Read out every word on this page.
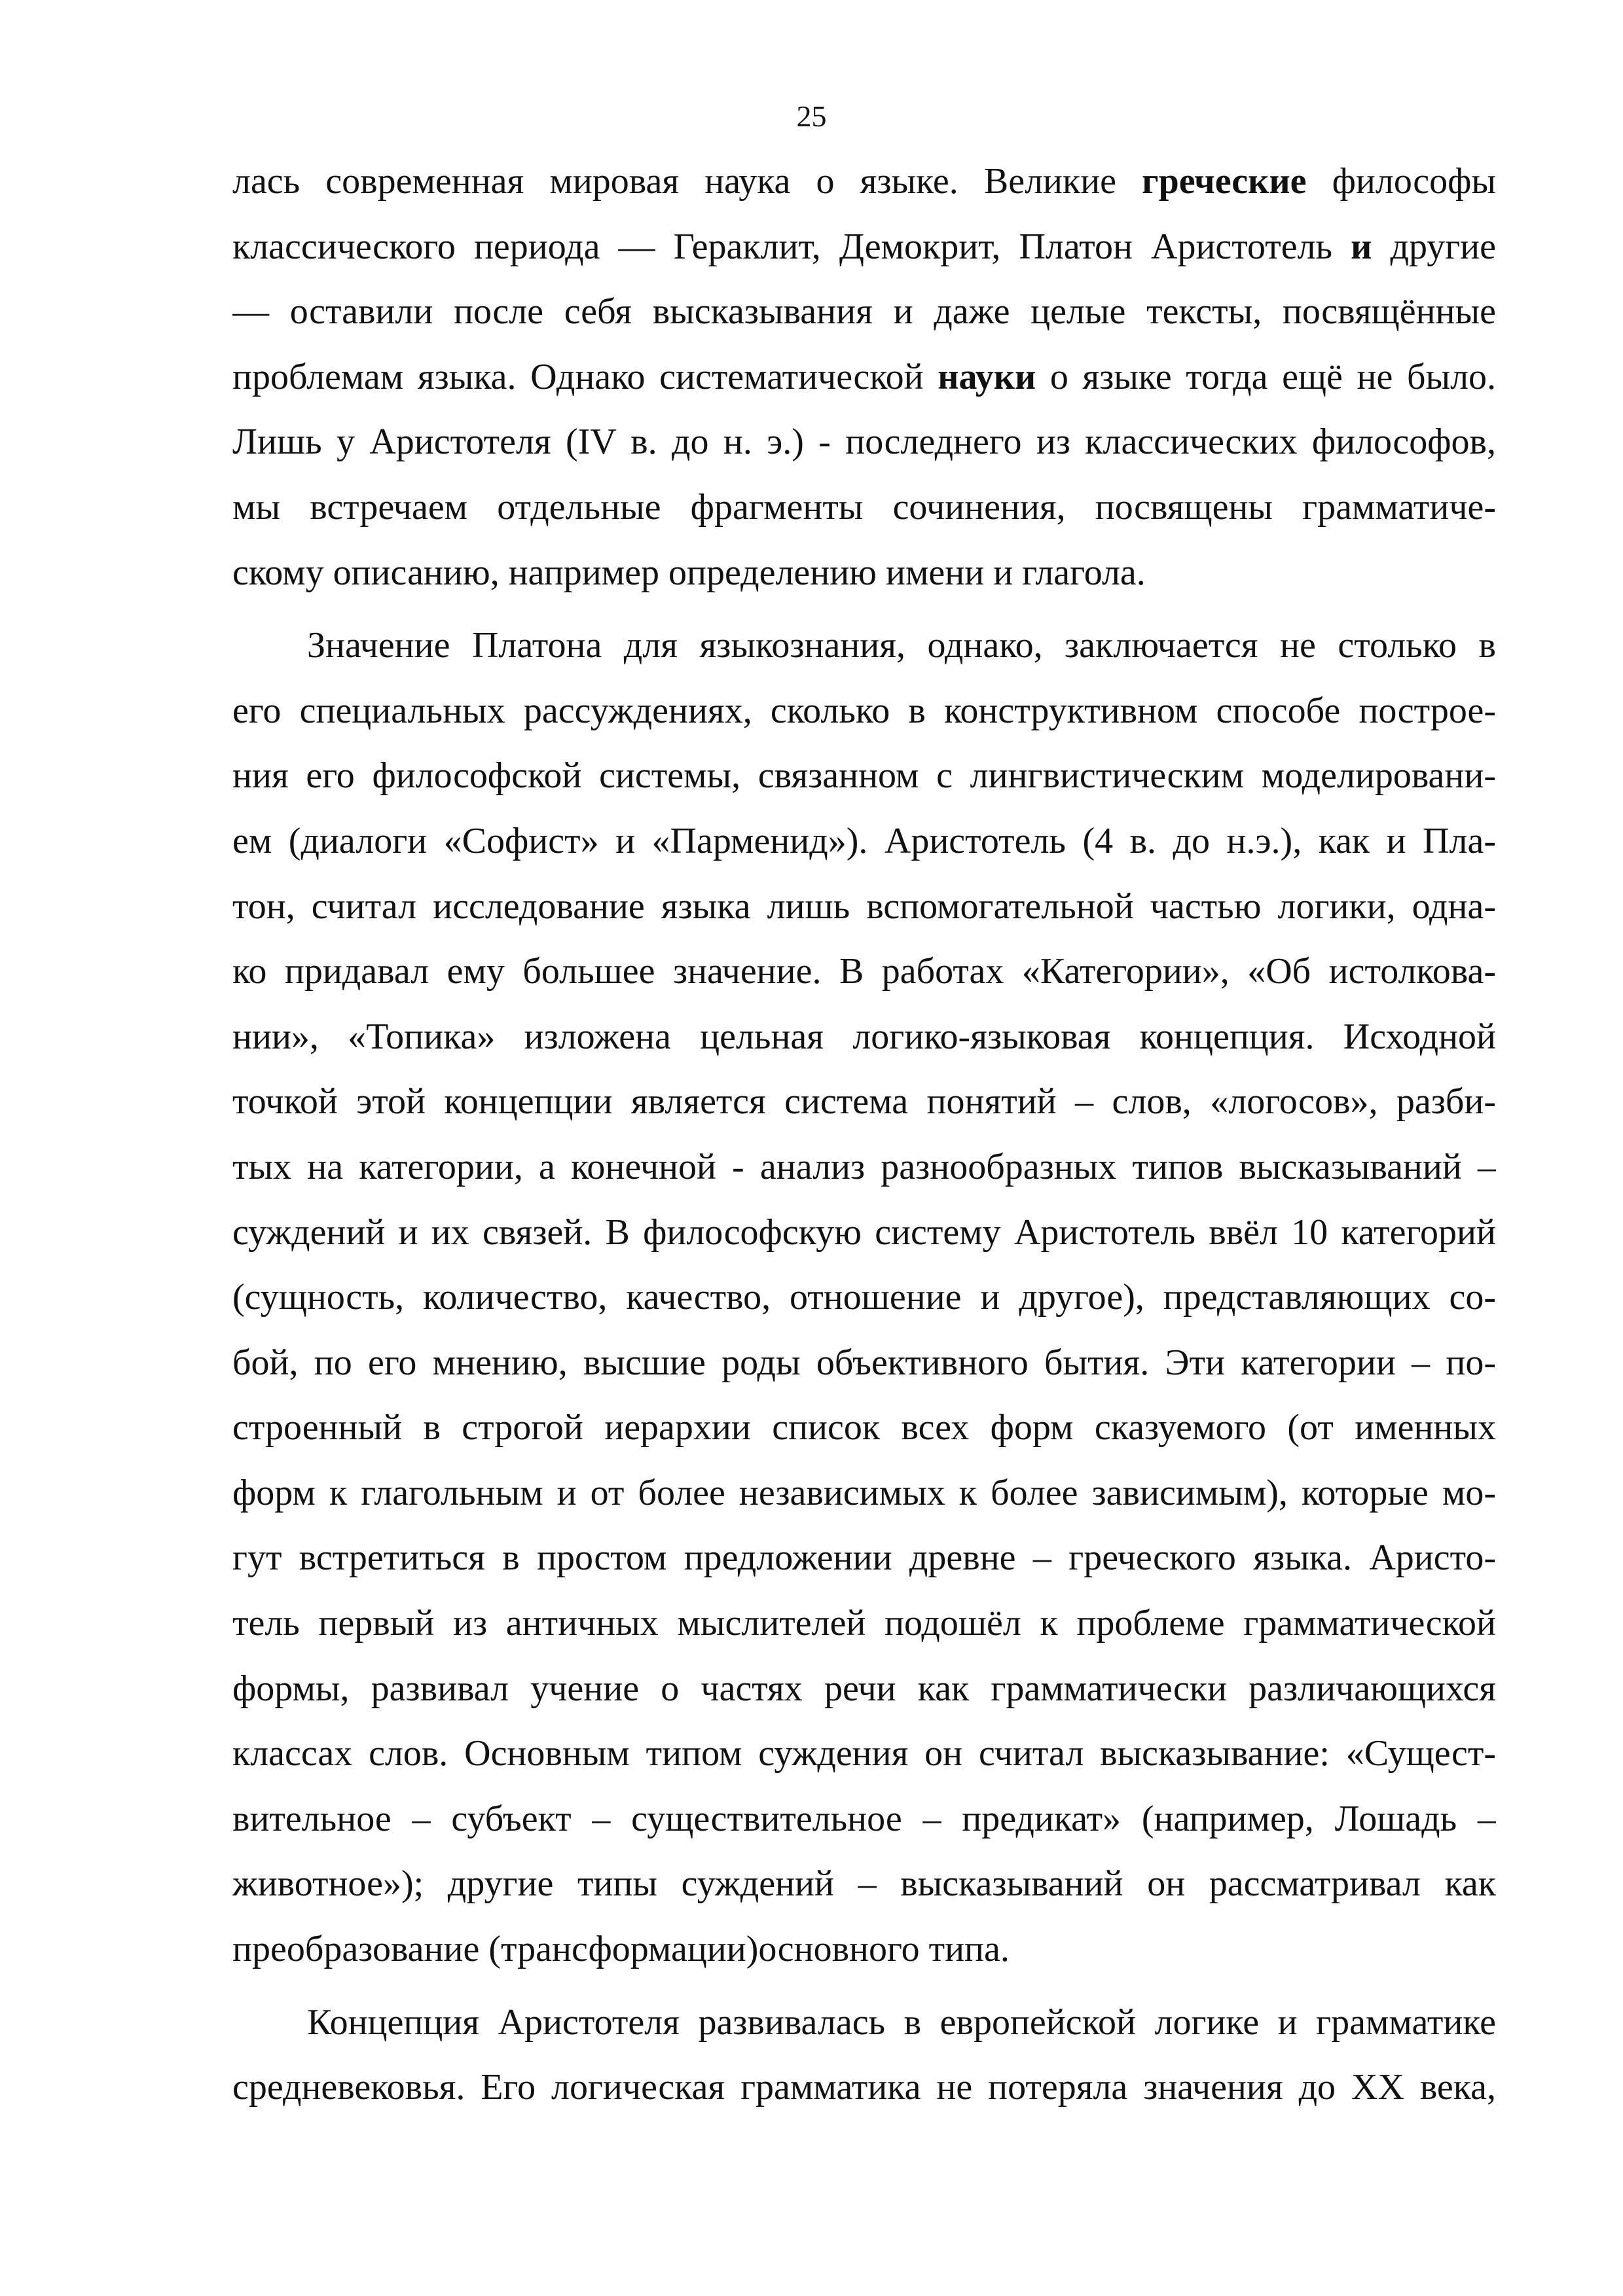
25
лась современная мировая наука о языке. Великие греческие философы
классического периода — Гераклит, Демокрит, Платон Аристотель и другие
— оставили после себя высказывания и даже целые тексты, посвящённые
проблемам языка. Однако систематической науки о языке тогда ещё не было.
Лишь у Аристотеля (IV в. до н. э.) - последнего из классических философов,
мы встречаем отдельные фрагменты сочинения, посвящены грамматиче-
скому описанию, например определению имени и глагола.
Значение Платона для языкознания, однако, заключается не столько в
его специальных рассуждениях, сколько в конструктивном способе построе-
ния его философской системы, связанном с лингвистическим моделировани-
ем (диалоги «Софист» и «Парменид»). Аристотель (4 в. до н.э.), как и Пла-
тон, считал исследование языка лишь вспомогательной частью логики, одна-
ко придавал ему большее значение. В работах «Категории», «Об истолкова-
нии», «Топика» изложена цельная логико-языковая концепция. Исходной
точкой этой концепции является система понятий – слов, «логосов», разби-
тых на категории, а конечной - анализ разнообразных типов высказываний –
суждений и их связей. В философскую систему Аристотель ввёл 10 категорий
(сущность, количество, качество, отношение и другое), представляющих со-
бой, по его мнению, высшие роды объективного бытия. Эти категории – по-
строенный в строгой иерархии список всех форм сказуемого (от именных
форм к глагольным и от более независимых к более зависимым), которые мо-
гут встретиться в простом предложении древне – греческого языка. Аристо-
тель первый из античных мыслителей подошёл к проблеме грамматической
формы, развивал учение о частях речи как грамматически различающихся
классах слов. Основным типом суждения он считал высказывание: «Сущест-
вительное – субъект – существительное – предикат» (например, Лошадь –
животное»); другие типы суждений – высказываний он рассматривал как
преобразование (трансформации)основного типа.
Концепция Аристотеля развивалась в европейской логике и грамматике
средневековья. Его логическая грамматика не потеряла значения до XX века,
